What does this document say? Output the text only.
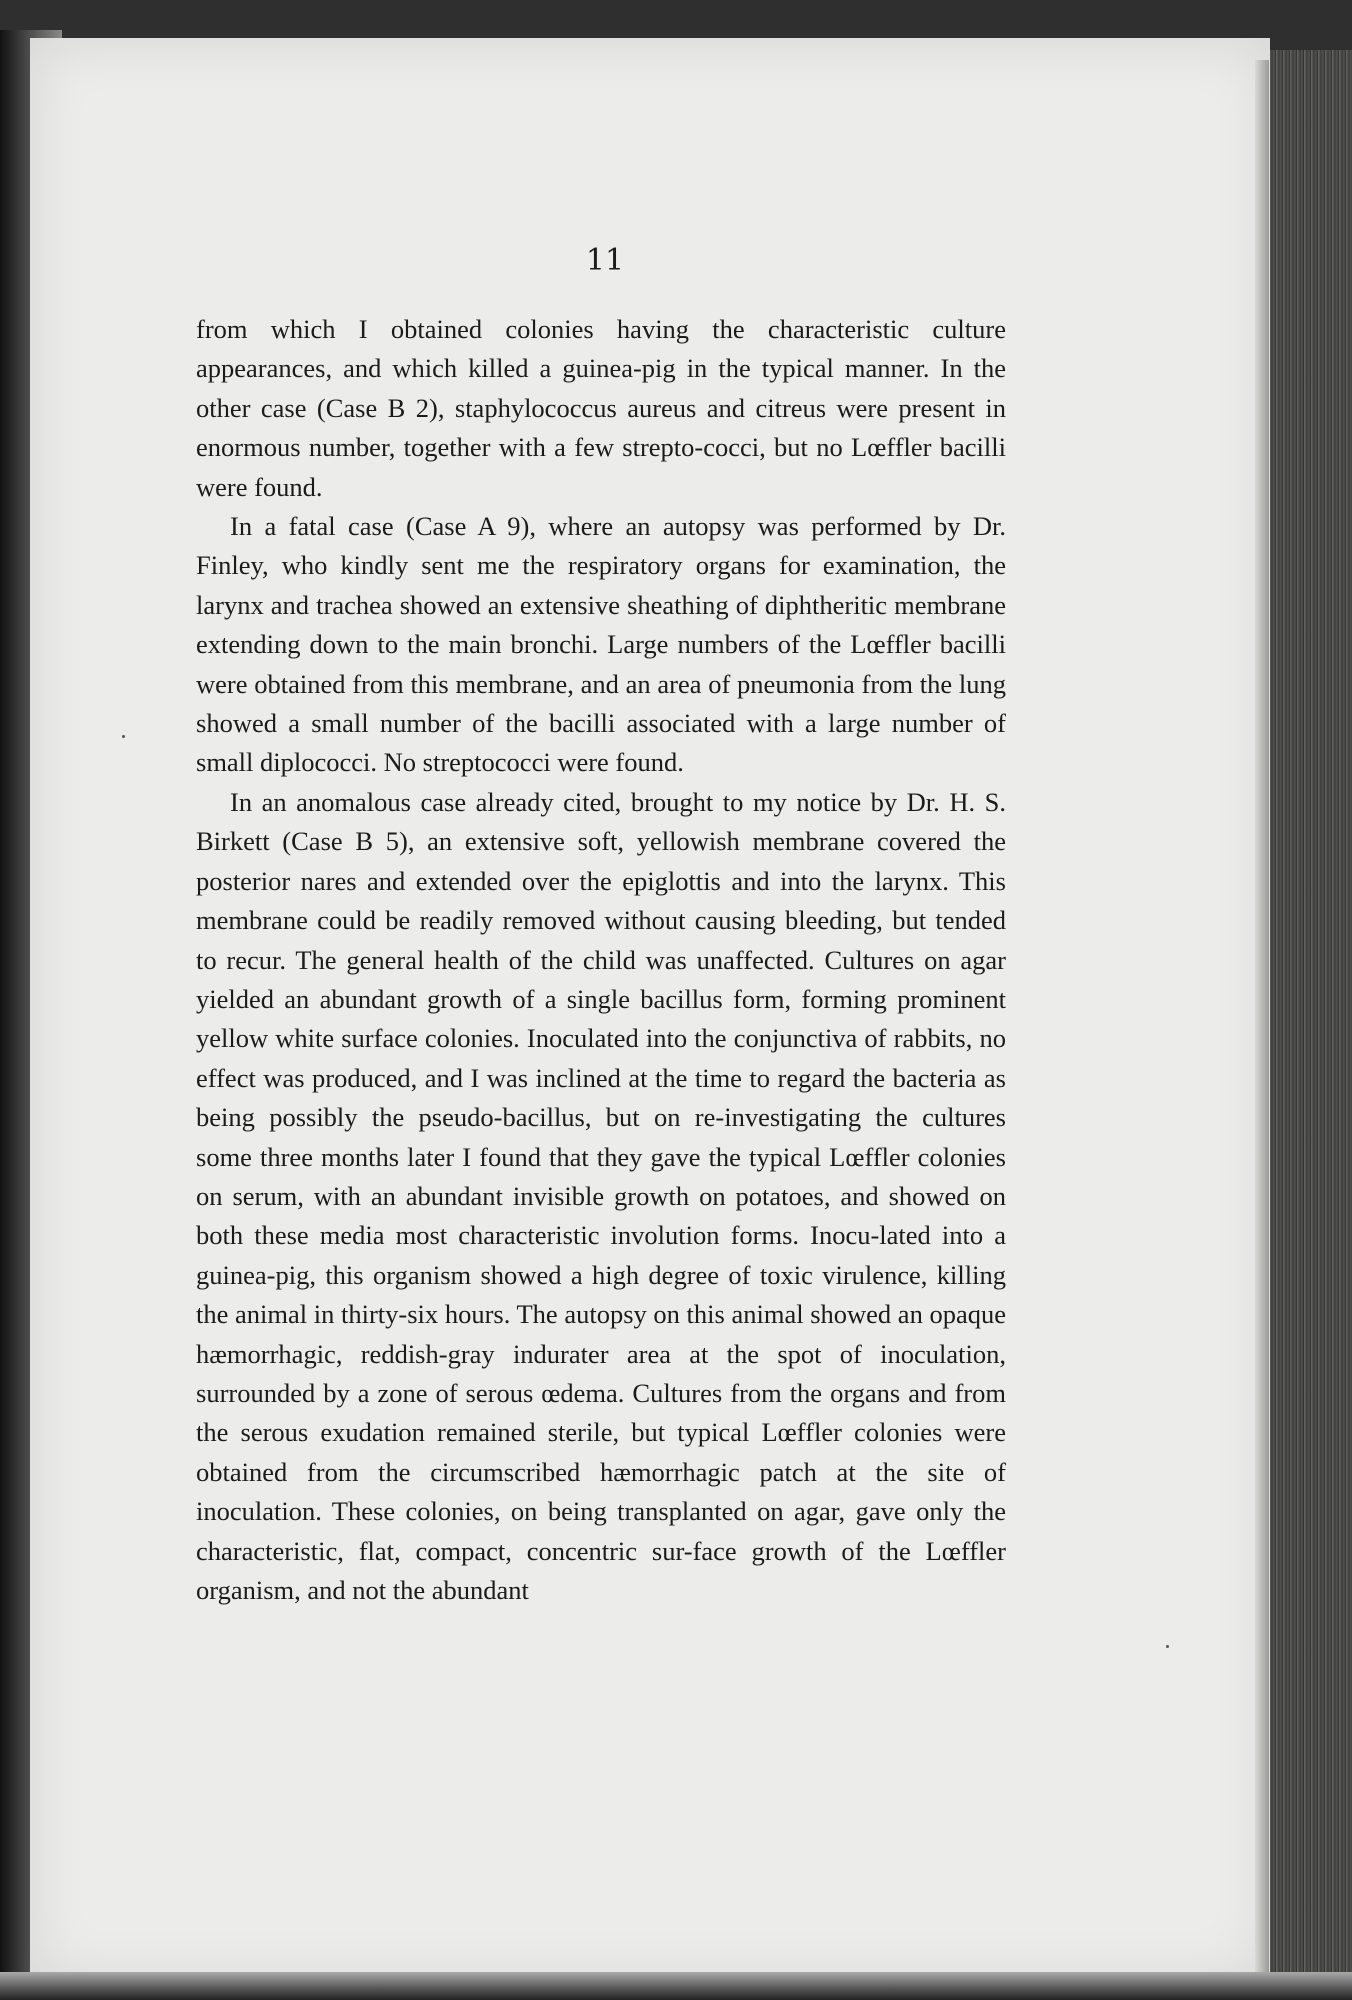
11

from which I obtained colonies having the characteristic culture appearances, and which killed a guinea-pig in the typical manner. In the other case (Case B 2), staphylococcus aureus and citreus were present in enormous number, together with a few strepto-cocci, but no Lœffler bacilli were found.

In a fatal case (Case A 9), where an autopsy was performed by Dr. Finley, who kindly sent me the respiratory organs for examination, the larynx and trachea showed an extensive sheathing of diphtheritic membrane extending down to the main bronchi. Large numbers of the Lœffler bacilli were obtained from this membrane, and an area of pneumonia from the lung showed a small number of the bacilli associated with a large number of small diplococci. No streptococci were found.

In an anomalous case already cited, brought to my notice by Dr. H. S. Birkett (Case B 5), an extensive soft, yellowish membrane covered the posterior nares and extended over the epiglottis and into the larynx. This membrane could be readily removed without causing bleeding, but tended to recur. The general health of the child was unaffected. Cultures on agar yielded an abundant growth of a single bacillus form, forming prominent yellow white surface colonies. Inoculated into the conjunctiva of rabbits, no effect was produced, and I was inclined at the time to regard the bacteria as being possibly the pseudo-bacillus, but on re-investigating the cultures some three months later I found that they gave the typical Lœffler colonies on serum, with an abundant invisible growth on potatoes, and showed on both these media most characteristic involution forms. Inocu-lated into a guinea-pig, this organism showed a high degree of toxic virulence, killing the animal in thirty-six hours. The autopsy on this animal showed an opaque hæmorrhagic, reddish-gray indurater area at the spot of inoculation, surrounded by a zone of serous œdema. Cultures from the organs and from the serous exudation remained sterile, but typical Lœffler colonies were obtained from the circumscribed hæmorrhagic patch at the site of inoculation. These colonies, on being transplanted on agar, gave only the characteristic, flat, compact, concentric sur-face growth of the Lœffler organism, and not the abundant
